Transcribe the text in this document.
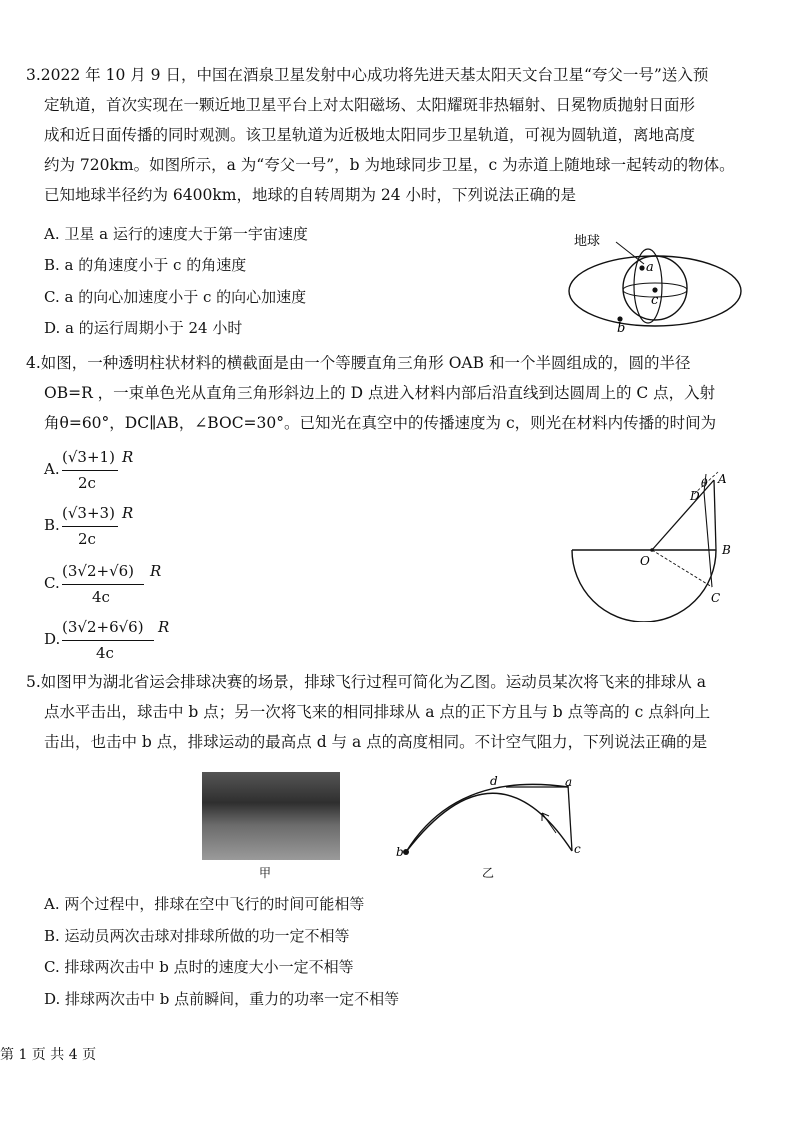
3.2022 年 10 月 9 日，中国在酒泉卫星发射中心成功将先进天基太阳天文台卫星“夸父一号”送入预

定轨道，首次实现在一颗近地卫星平台上对太阳磁场、太阳耀斑非热辐射、日冕物质抛射日面形

成和近日面传播的同时观测。该卫星轨道为近极地太阳同步卫星轨道，可视为圆轨道，离地高度

约为 720km。如图所示，a 为“夸父一号”，b 为地球同步卫星，c 为赤道上随地球一起转动的物体。

已知地球半径约为 6400km，地球的自转周期为 24 小时，下列说法正确的是

A. 卫星 a 运行的速度大于第一宇宙速度
B. a 的角速度小于 c 的角速度
C. a 的向心加速度小于 c 的向心加速度
D. a 的运行周期小于 24 小时
地球
a
c
b

4.如图，一种透明柱状材料的横截面是由一个等腰直角三角形 OAB 和一个半圆组成的，圆的半径

OB=R ，一束单色光从直角三角形斜边上的 D 点进入材料内部后沿直线到达圆周上的 C 点，入射

角θ=60°，DC∥AB，∠BOC=30°。已知光在真空中的传播速度为 c，则光在材料内传播的时间为

A.
(√3+1) R
2c
B.
(√3+3) R
2c
C.
(3√2+√6) R
4c
D.
(3√2+6√6) R
4c
O
A
B
C
D
θ

5.如图甲为湖北省运会排球决赛的场景，排球飞行过程可简化为乙图。运动员某次将飞来的排球从 a

点水平击出，球击中 b 点；另一次将飞来的相同排球从 a 点的正下方且与 b 点等高的 c 点斜向上

击出，也击中 b 点，排球运动的最高点 d 与 a 点的高度相同。不计空气阻力，下列说法正确的是

甲
b
a
c
d
乙
A. 两个过程中，排球在空中飞行的时间可能相等
B. 运动员两次击球对排球所做的功一定不相等
C. 排球两次击中 b 点时的速度大小一定不相等
D. 排球两次击中 b 点前瞬间，重力的功率一定不相等
第 1 页 共 4 页
